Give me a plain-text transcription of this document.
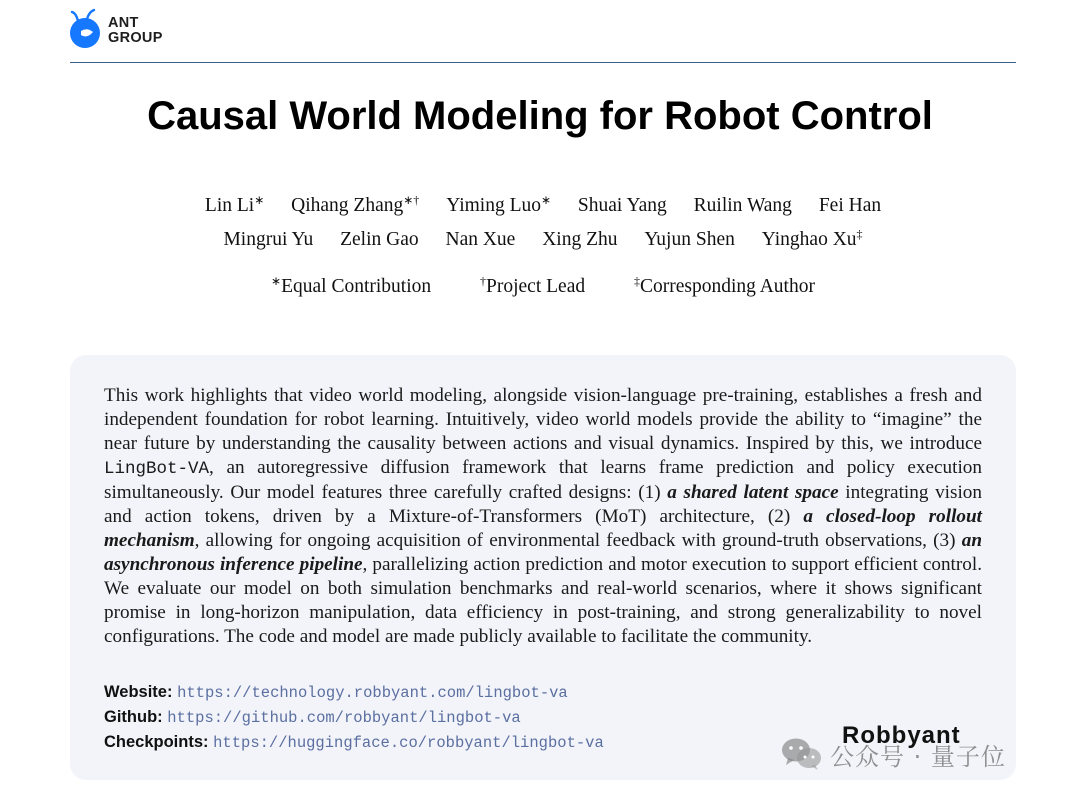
ANT
GROUP
Causal World Modeling for Robot Control
Lin Li∗ Qihang Zhang∗† Yiming Luo∗ Shuai Yang Ruilin Wang Fei Han
Mingrui Yu Zelin Gao Nan Xue Xing Zhu Yujun Shen Yinghao Xu‡
∗Equal Contribution	†Project Lead	‡Corresponding Author

This work highlights that video world modeling, alongside vision-language pre-training, establishes a fresh and independent foundation for robot learning. Intuitively, video world models provide the ability to “imagine” the near future by understanding the causality between actions and visual dynamics. Inspired by this, we introduce LingBot-VA, an autoregressive diffusion framework that learns frame prediction and policy execution simultaneously. Our model features three carefully crafted designs: (1) a shared latent space integrating vision and action tokens, driven by a Mixture-of-Transformers (MoT) architecture, (2) a closed-loop rollout mechanism, allowing for ongoing acquisition of environmental feedback with ground-truth observations, (3) an asynchronous inference pipeline, parallelizing action prediction and motor execution to support efficient control. We evaluate our model on both simulation benchmarks and real-world scenarios, where it shows significant promise in long-horizon manipulation, data efficiency in post-training, and strong generalizability to novel configurations. The code and model are made publicly available to facilitate the community.

Website: https://technology.robbyant.com/lingbot-va
Github: https://github.com/robbyant/lingbot-va
Checkpoints: https://huggingface.co/robbyant/lingbot-va	Robbyant
公众号 · 量子位
